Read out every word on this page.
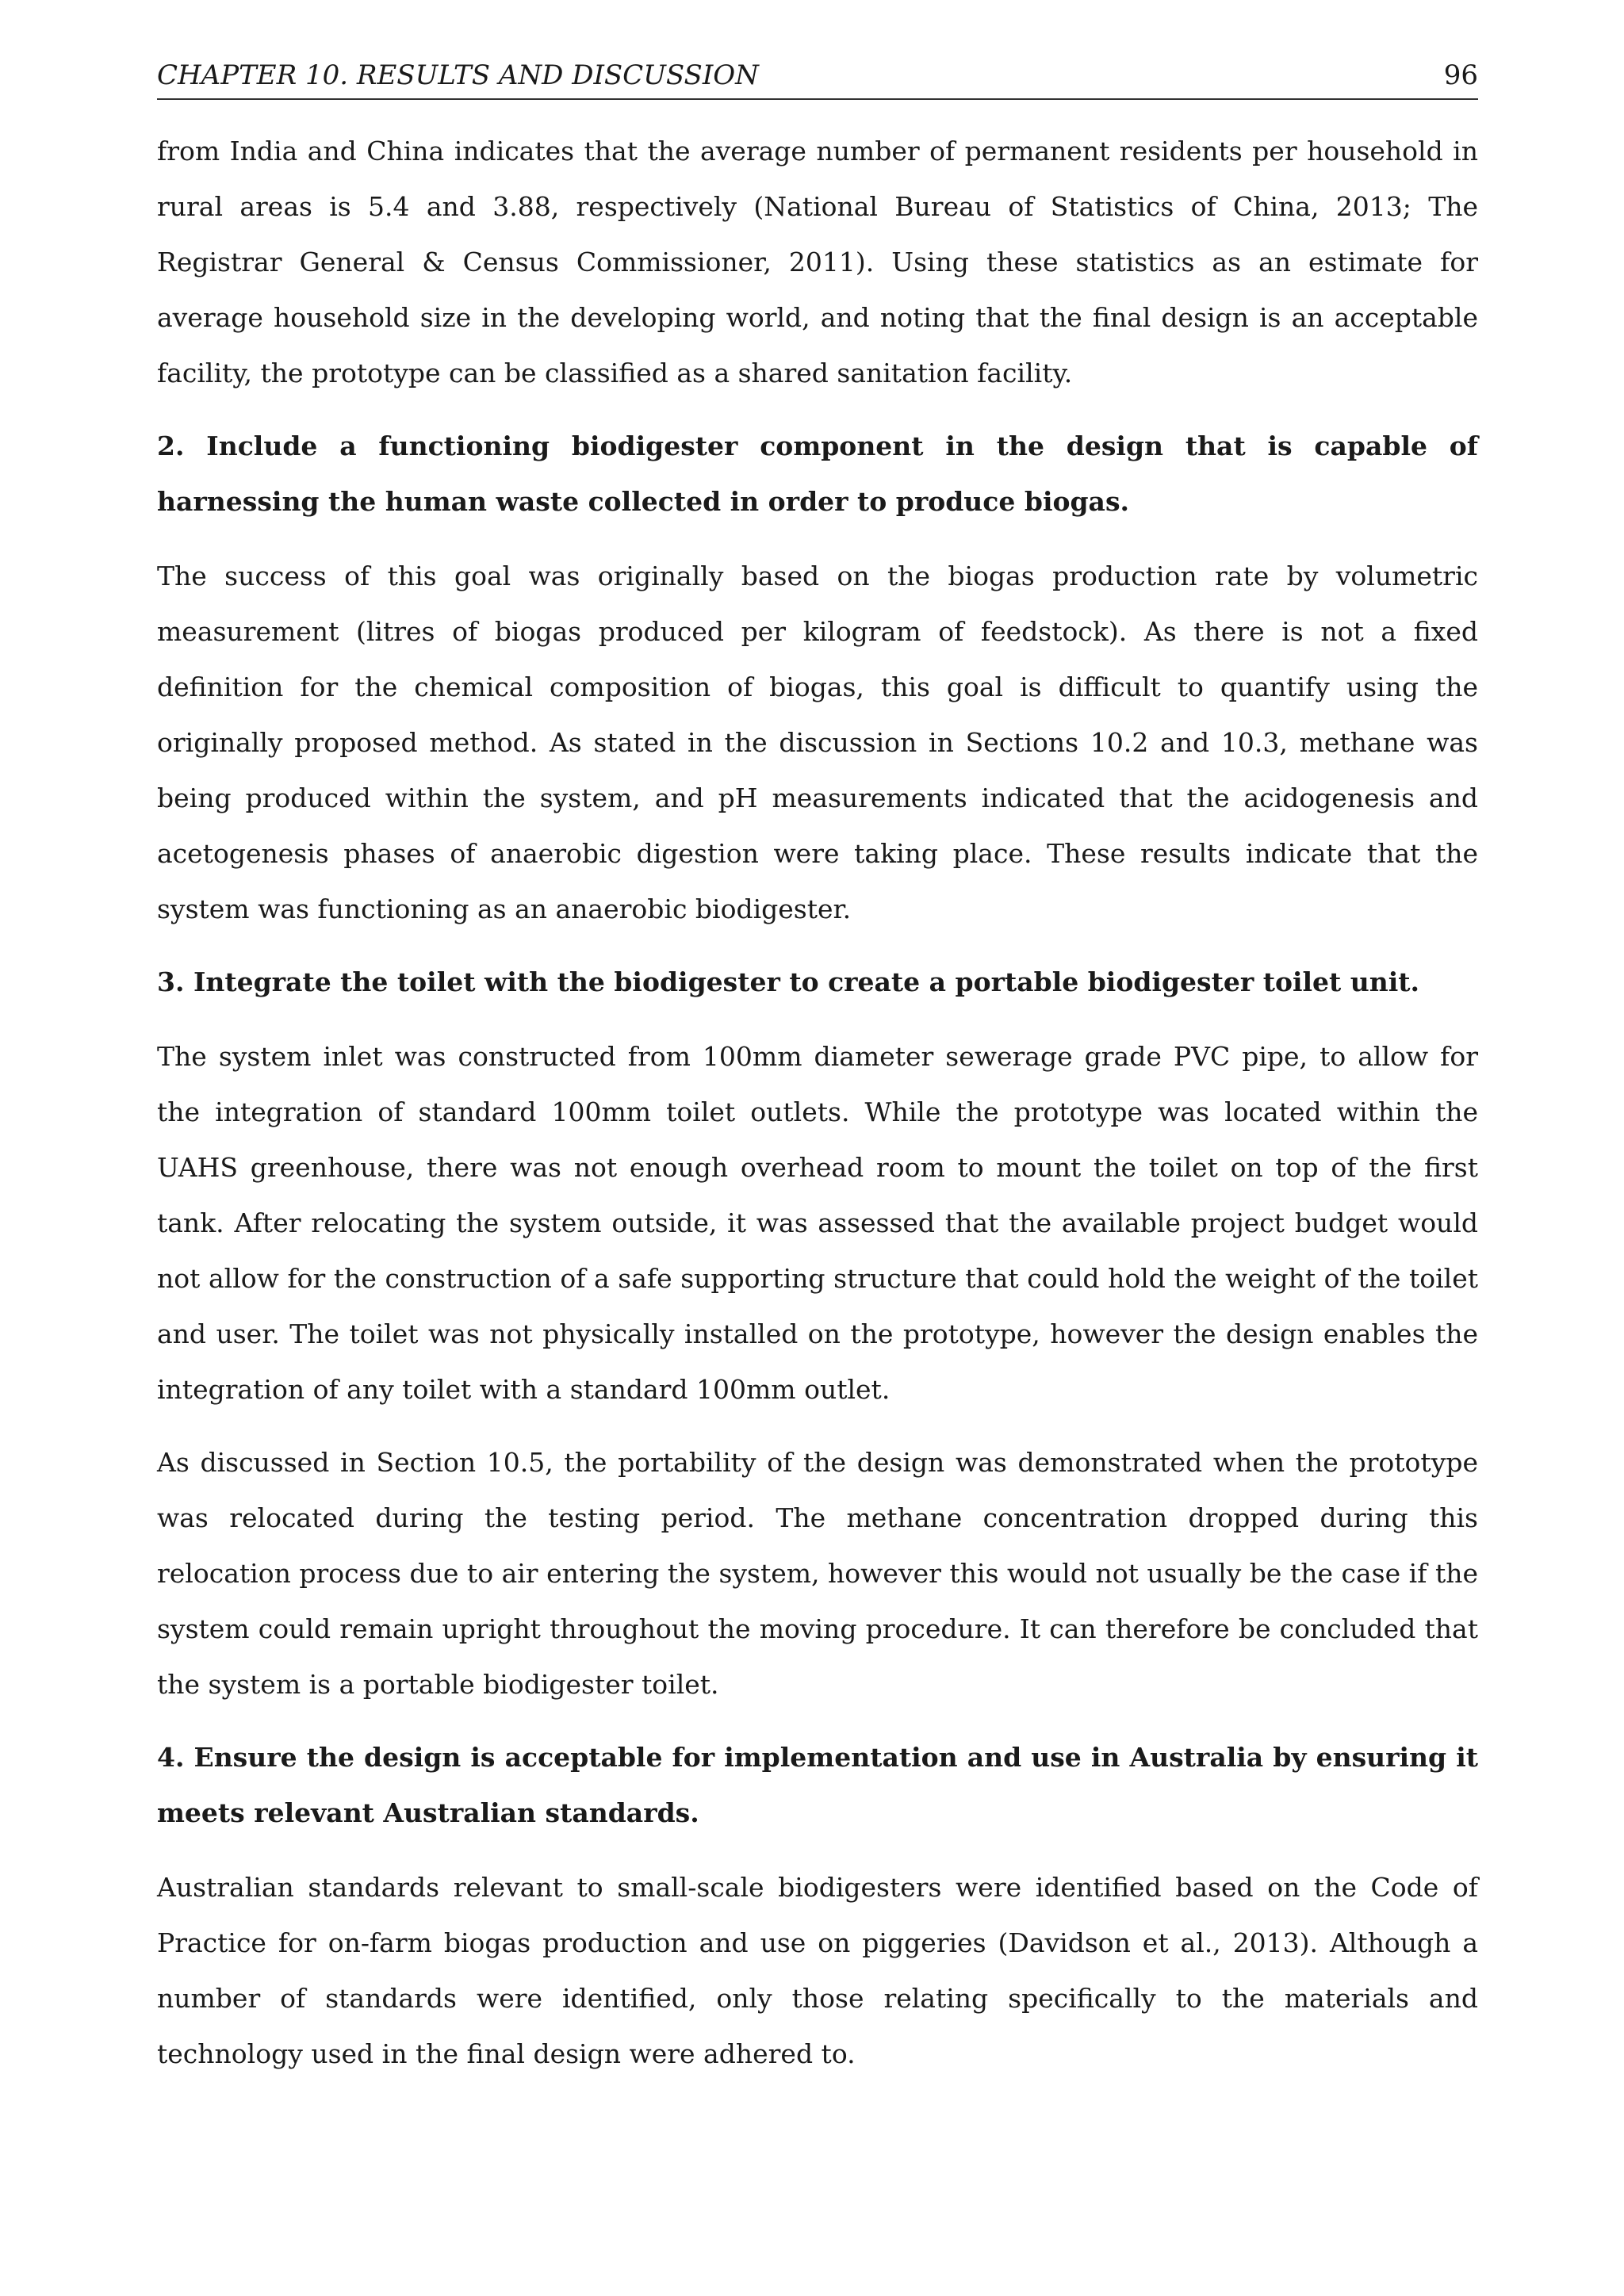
CHAPTER 10. RESULTS AND DISCUSSION	96

from India and China indicates that the average number of permanent residents per household in rural areas is 5.4 and 3.88, respectively (National Bureau of Statistics of China, 2013; The Registrar General & Census Commissioner, 2011). Using these statistics as an estimate for average household size in the developing world, and noting that the final design is an acceptable facility, the prototype can be classified as a shared sanitation facility.

2. Include a functioning biodigester component in the design that is capable of harnessing the human waste collected in order to produce biogas.

The success of this goal was originally based on the biogas production rate by volumetric measurement (litres of biogas produced per kilogram of feedstock). As there is not a fixed definition for the chemical composition of biogas, this goal is difficult to quantify using the originally proposed method. As stated in the discussion in Sections 10.2 and 10.3, methane was being produced within the system, and pH measurements indicated that the acidogenesis and acetogenesis phases of anaerobic digestion were taking place. These results indicate that the system was functioning as an anaerobic biodigester.

3. Integrate the toilet with the biodigester to create a portable biodigester toilet unit.

The system inlet was constructed from 100mm diameter sewerage grade PVC pipe, to allow for the integration of standard 100mm toilet outlets. While the prototype was located within the UAHS greenhouse, there was not enough overhead room to mount the toilet on top of the first tank. After relocating the system outside, it was assessed that the available project budget would not allow for the construction of a safe supporting structure that could hold the weight of the toilet and user. The toilet was not physically installed on the prototype, however the design enables the integration of any toilet with a standard 100mm outlet.

As discussed in Section 10.5, the portability of the design was demonstrated when the prototype was relocated during the testing period. The methane concentration dropped during this relocation process due to air entering the system, however this would not usually be the case if the system could remain upright throughout the moving procedure. It can therefore be concluded that the system is a portable biodigester toilet.

4. Ensure the design is acceptable for implementation and use in Australia by ensuring it meets relevant Australian standards.

Australian standards relevant to small-scale biodigesters were identified based on the Code of Practice for on-farm biogas production and use on piggeries (Davidson et al., 2013). Although a number of standards were identified, only those relating specifically to the materials and technology used in the final design were adhered to.
